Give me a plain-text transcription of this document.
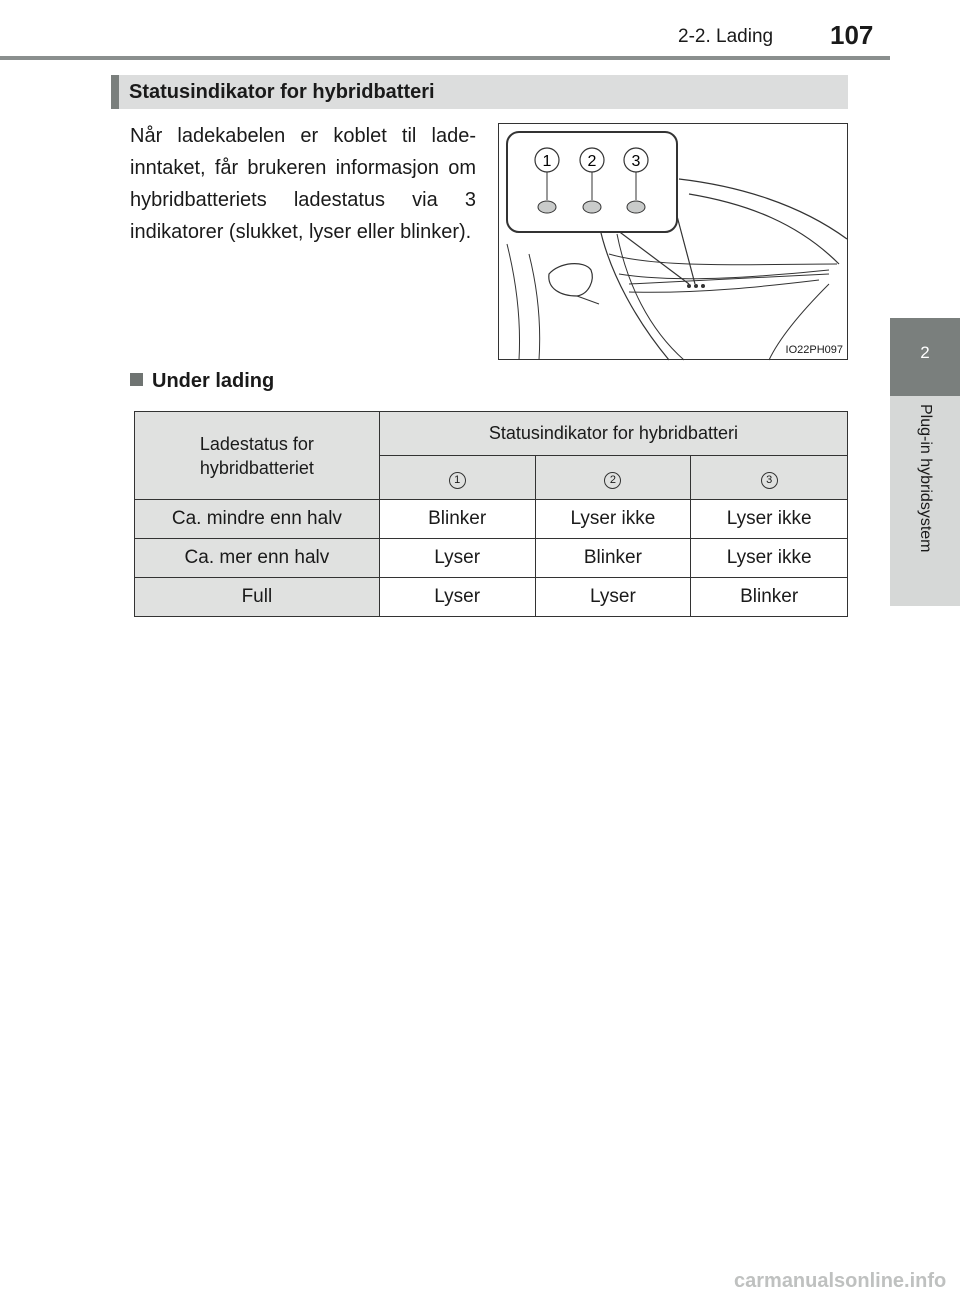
2-2. Lading 107
2
Plug-in hybridsystem
Statusindikator for hybridbatteri
Når ladekabelen er koblet til lade-inntaket, får brukeren informasjon om hybridbatteriets ladestatus via 3 indikatorer (slukket, lyser eller blinker).
1 2 3
IO22PH097
Under lading
Ladestatus for hybridbatteriet	Statusindikator for hybridbatteri		
	1	2	3
Ca. mindre enn halv	Blinker	Lyser ikke	Lyser ikke
Ca. mer enn halv	Lyser	Blinker	Lyser ikke
Full	Lyser	Lyser	Blinker
carmanualsonline.info
